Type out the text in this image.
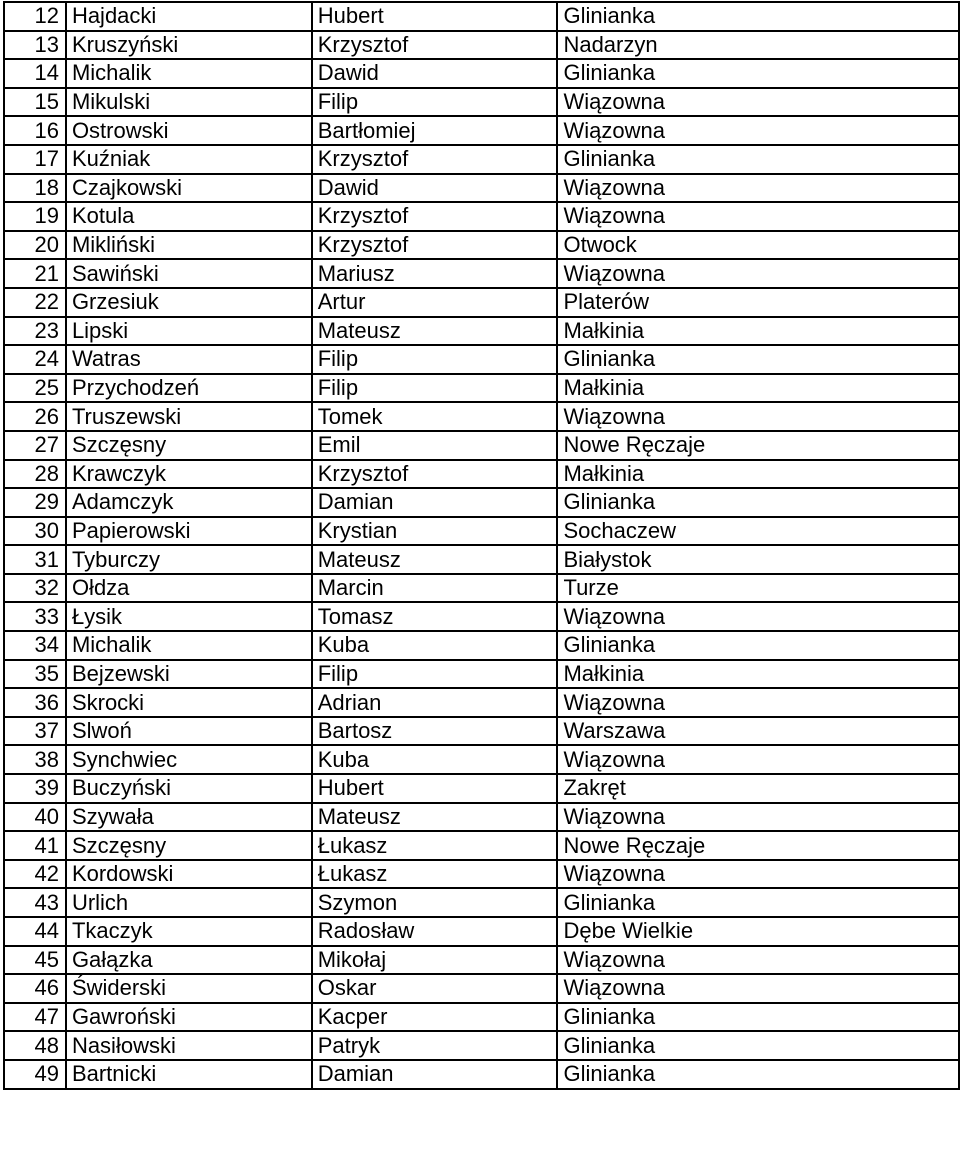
12	Hajdacki	Hubert	Glinianka
13	Kruszyński	Krzysztof	Nadarzyn
14	Michalik	Dawid	Glinianka
15	Mikulski	Filip	Wiązowna
16	Ostrowski	Bartłomiej	Wiązowna
17	Kuźniak	Krzysztof	Glinianka
18	Czajkowski	Dawid	Wiązowna
19	Kotula	Krzysztof	Wiązowna
20	Mikliński	Krzysztof	Otwock
21	Sawiński	Mariusz	Wiązowna
22	Grzesiuk	Artur	Platerów
23	Lipski	Mateusz	Małkinia
24	Watras	Filip	Glinianka
25	Przychodzeń	Filip	Małkinia
26	Truszewski	Tomek	Wiązowna
27	Szczęsny	Emil	Nowe Ręczaje
28	Krawczyk	Krzysztof	Małkinia
29	Adamczyk	Damian	Glinianka
30	Papierowski	Krystian	Sochaczew
31	Tyburczy	Mateusz	Białystok
32	Ołdza	Marcin	Turze
33	Łysik	Tomasz	Wiązowna
34	Michalik	Kuba	Glinianka
35	Bejzewski	Filip	Małkinia
36	Skrocki	Adrian	Wiązowna
37	Slwoń	Bartosz	Warszawa
38	Synchwiec	Kuba	Wiązowna
39	Buczyński	Hubert	Zakręt
40	Szywała	Mateusz	Wiązowna
41	Szczęsny	Łukasz	Nowe Ręczaje
42	Kordowski	Łukasz	Wiązowna
43	Urlich	Szymon	Glinianka
44	Tkaczyk	Radosław	Dębe Wielkie
45	Gałązka	Mikołaj	Wiązowna
46	Świderski	Oskar	Wiązowna
47	Gawroński	Kacper	Glinianka
48	Nasiłowski	Patryk	Glinianka
49	Bartnicki	Damian	Glinianka
